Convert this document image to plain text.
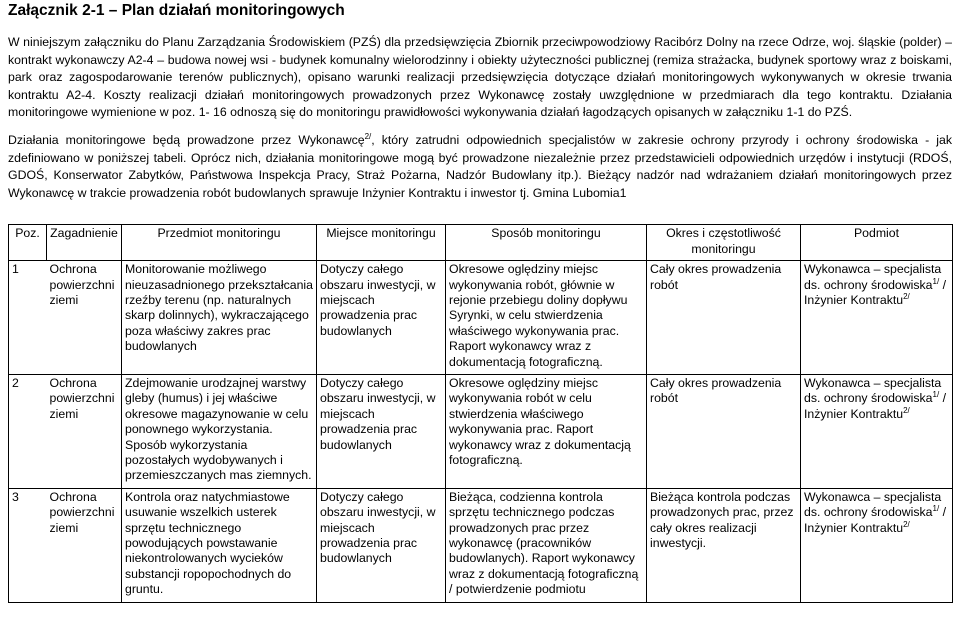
Załącznik 2-1 – Plan działań monitoringowych

W niniejszym załączniku do Planu Zarządzania Środowiskiem (PZŚ) dla przedsięwzięcia Zbiornik przeciwpowodziowy Racibórz Dolny na rzece Odrze, woj. śląskie (polder) – kontrakt wykonawczy A2-4 – budowa nowej wsi - budynek komunalny wielorodzinny i obiekty użyteczności publicznej (remiza strażacka, budynek sportowy wraz z boiskami, park oraz zagospodarowanie terenów publicznych), opisano warunki realizacji przedsięwzięcia dotyczące działań monitoringowych wykonywanych w okresie trwania kontraktu A2-4. Koszty realizacji działań monitoringowych prowadzonych przez Wykonawcę zostały uwzględnione w przedmiarach dla tego kontraktu. Działania monitoringowe wymienione w poz. 1- 16 odnoszą się do monitoringu prawidłowości wykonywania działań łagodzących opisanych w załączniku 1-1 do PZŚ.

Działania monitoringowe będą prowadzone przez Wykonawcę$^{2/}$, który zatrudni odpowiednich specjalistów w zakresie ochrony przyrody i ochrony środowiska - jak zdefiniowano w poniższej tabeli. Oprócz nich, działania monitoringowe mogą być prowadzone niezależnie przez przedstawicieli odpowiednich urzędów i instytucji (RDOŚ, GDOŚ, Konserwator Zabytków, Państwowa Inspekcja Pracy, Straż Pożarna, Nadzór Budowlany itp.). Bieżący nadzór nad wdrażaniem działań monitoringowych przez Wykonawcę w trakcie prowadzenia robót budowlanych sprawuje Inżynier Kontraktu i inwestor tj. Gmina Lubomia1

Poz.	Zagadnienie	Przedmiot monitoringu	Miejsce monitoringu	Sposób monitoringu	Okres i częstotliwość monitoringu	Podmiot
1	Ochrona powierzchni ziemi	Monitorowanie możliwego nieuzasadnionego przekształcania rzeźby terenu (np. naturalnych skarp dolinnych), wykraczającego poza właściwy zakres prac budowlanych	Dotyczy całego obszaru inwestycji, w miejscach prowadzenia prac budowlanych	Okresowe oględziny miejsc wykonywania robót, głównie w rejonie przebiegu doliny dopływu Syrynki, w celu stwierdzenia właściwego wykonywania prac. Raport wykonawcy wraz z dokumentacją fotograficzną.	Cały okres prowadzenia robót	Wykonawca – specjalista ds. ochrony środowiska$^{1/}$ / Inżynier Kontraktu$^{2/}$
2	Ochrona powierzchni ziemi	Zdejmowanie urodzajnej warstwy gleby (humus) i jej właściwe okresowe magazynowanie w celu ponownego wykorzystania. Sposób wykorzystania pozostałych wydobywanych i przemieszczanych mas ziemnych.	Dotyczy całego obszaru inwestycji, w miejscach prowadzenia prac budowlanych	Okresowe oględziny miejsc wykonywania robót w celu stwierdzenia właściwego wykonywania prac. Raport wykonawcy wraz z dokumentacją fotograficzną.	Cały okres prowadzenia robót	Wykonawca – specjalista ds. ochrony środowiska$^{1/}$ / Inżynier Kontraktu$^{2/}$
3	Ochrona powierzchni ziemi	Kontrola oraz natychmiastowe usuwanie wszelkich usterek sprzętu technicznego powodujących powstawanie niekontrolowanych wycieków substancji ropopochodnych do gruntu.	Dotyczy całego obszaru inwestycji, w miejscach prowadzenia prac budowlanych	Bieżąca, codzienna kontrola sprzętu technicznego podczas prowadzonych prac przez wykonawcę (pracowników budowlanych). Raport wykonawcy wraz z dokumentacją fotograficzną / potwierdzenie podmiotu	Bieżąca kontrola podczas prowadzonych prac, przez cały okres realizacji inwestycji.	Wykonawca – specjalista ds. ochrony środowiska$^{1/}$ / Inżynier Kontraktu$^{2/}$
